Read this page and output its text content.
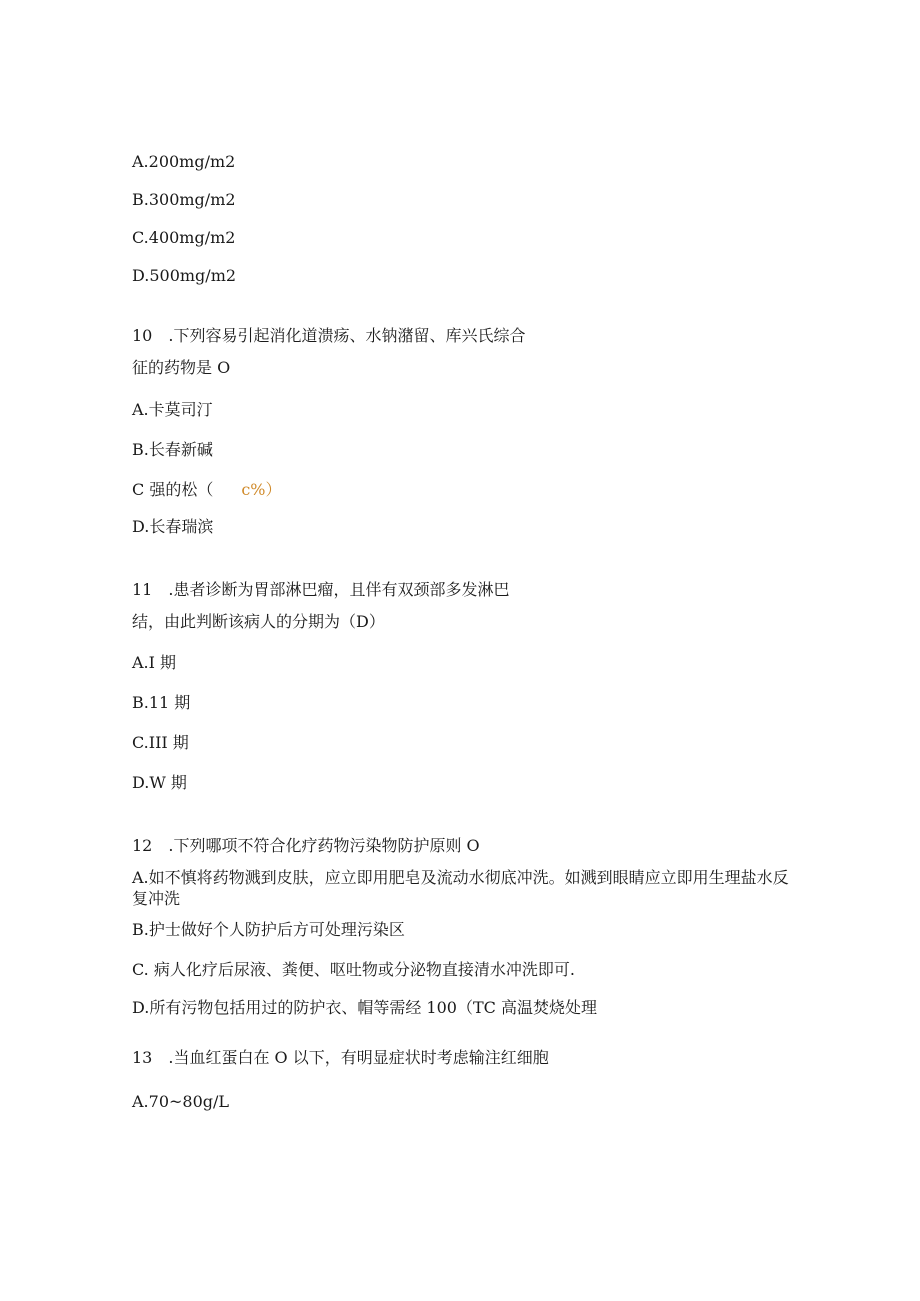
A.200mg/m2
B.300mg/m2
C.400mg/m2
D.500mg/m2
10　.下列容易引起消化道溃疡、水钠潴留、库兴氏综合
征的药物是 O
A.卡莫司汀
B.长春新碱
C 强的松（ c%）
D.长春瑞滨
11　.患者诊断为胃部淋巴瘤，且伴有双颈部多发淋巴
结，由此判断该病人的分期为（D）
A.I 期
B.11 期
C.III 期
D.W 期
12　.下列哪项不符合化疗药物污染物防护原则 O
A.如不慎将药物溅到皮肤，应立即用肥皂及流动水彻底冲洗。如溅到眼睛应立即用生理盐水反复冲洗
B.护士做好个人防护后方可处理污染区
C. 病人化疗后尿液、粪便、呕吐物或分泌物直接清水冲洗即可.
D.所有污物包括用过的防护衣、帽等需经 100（TC 高温焚烧处理
13　.当血红蛋白在 O 以下，有明显症状时考虑输注红细胞
A.70~80g/L
